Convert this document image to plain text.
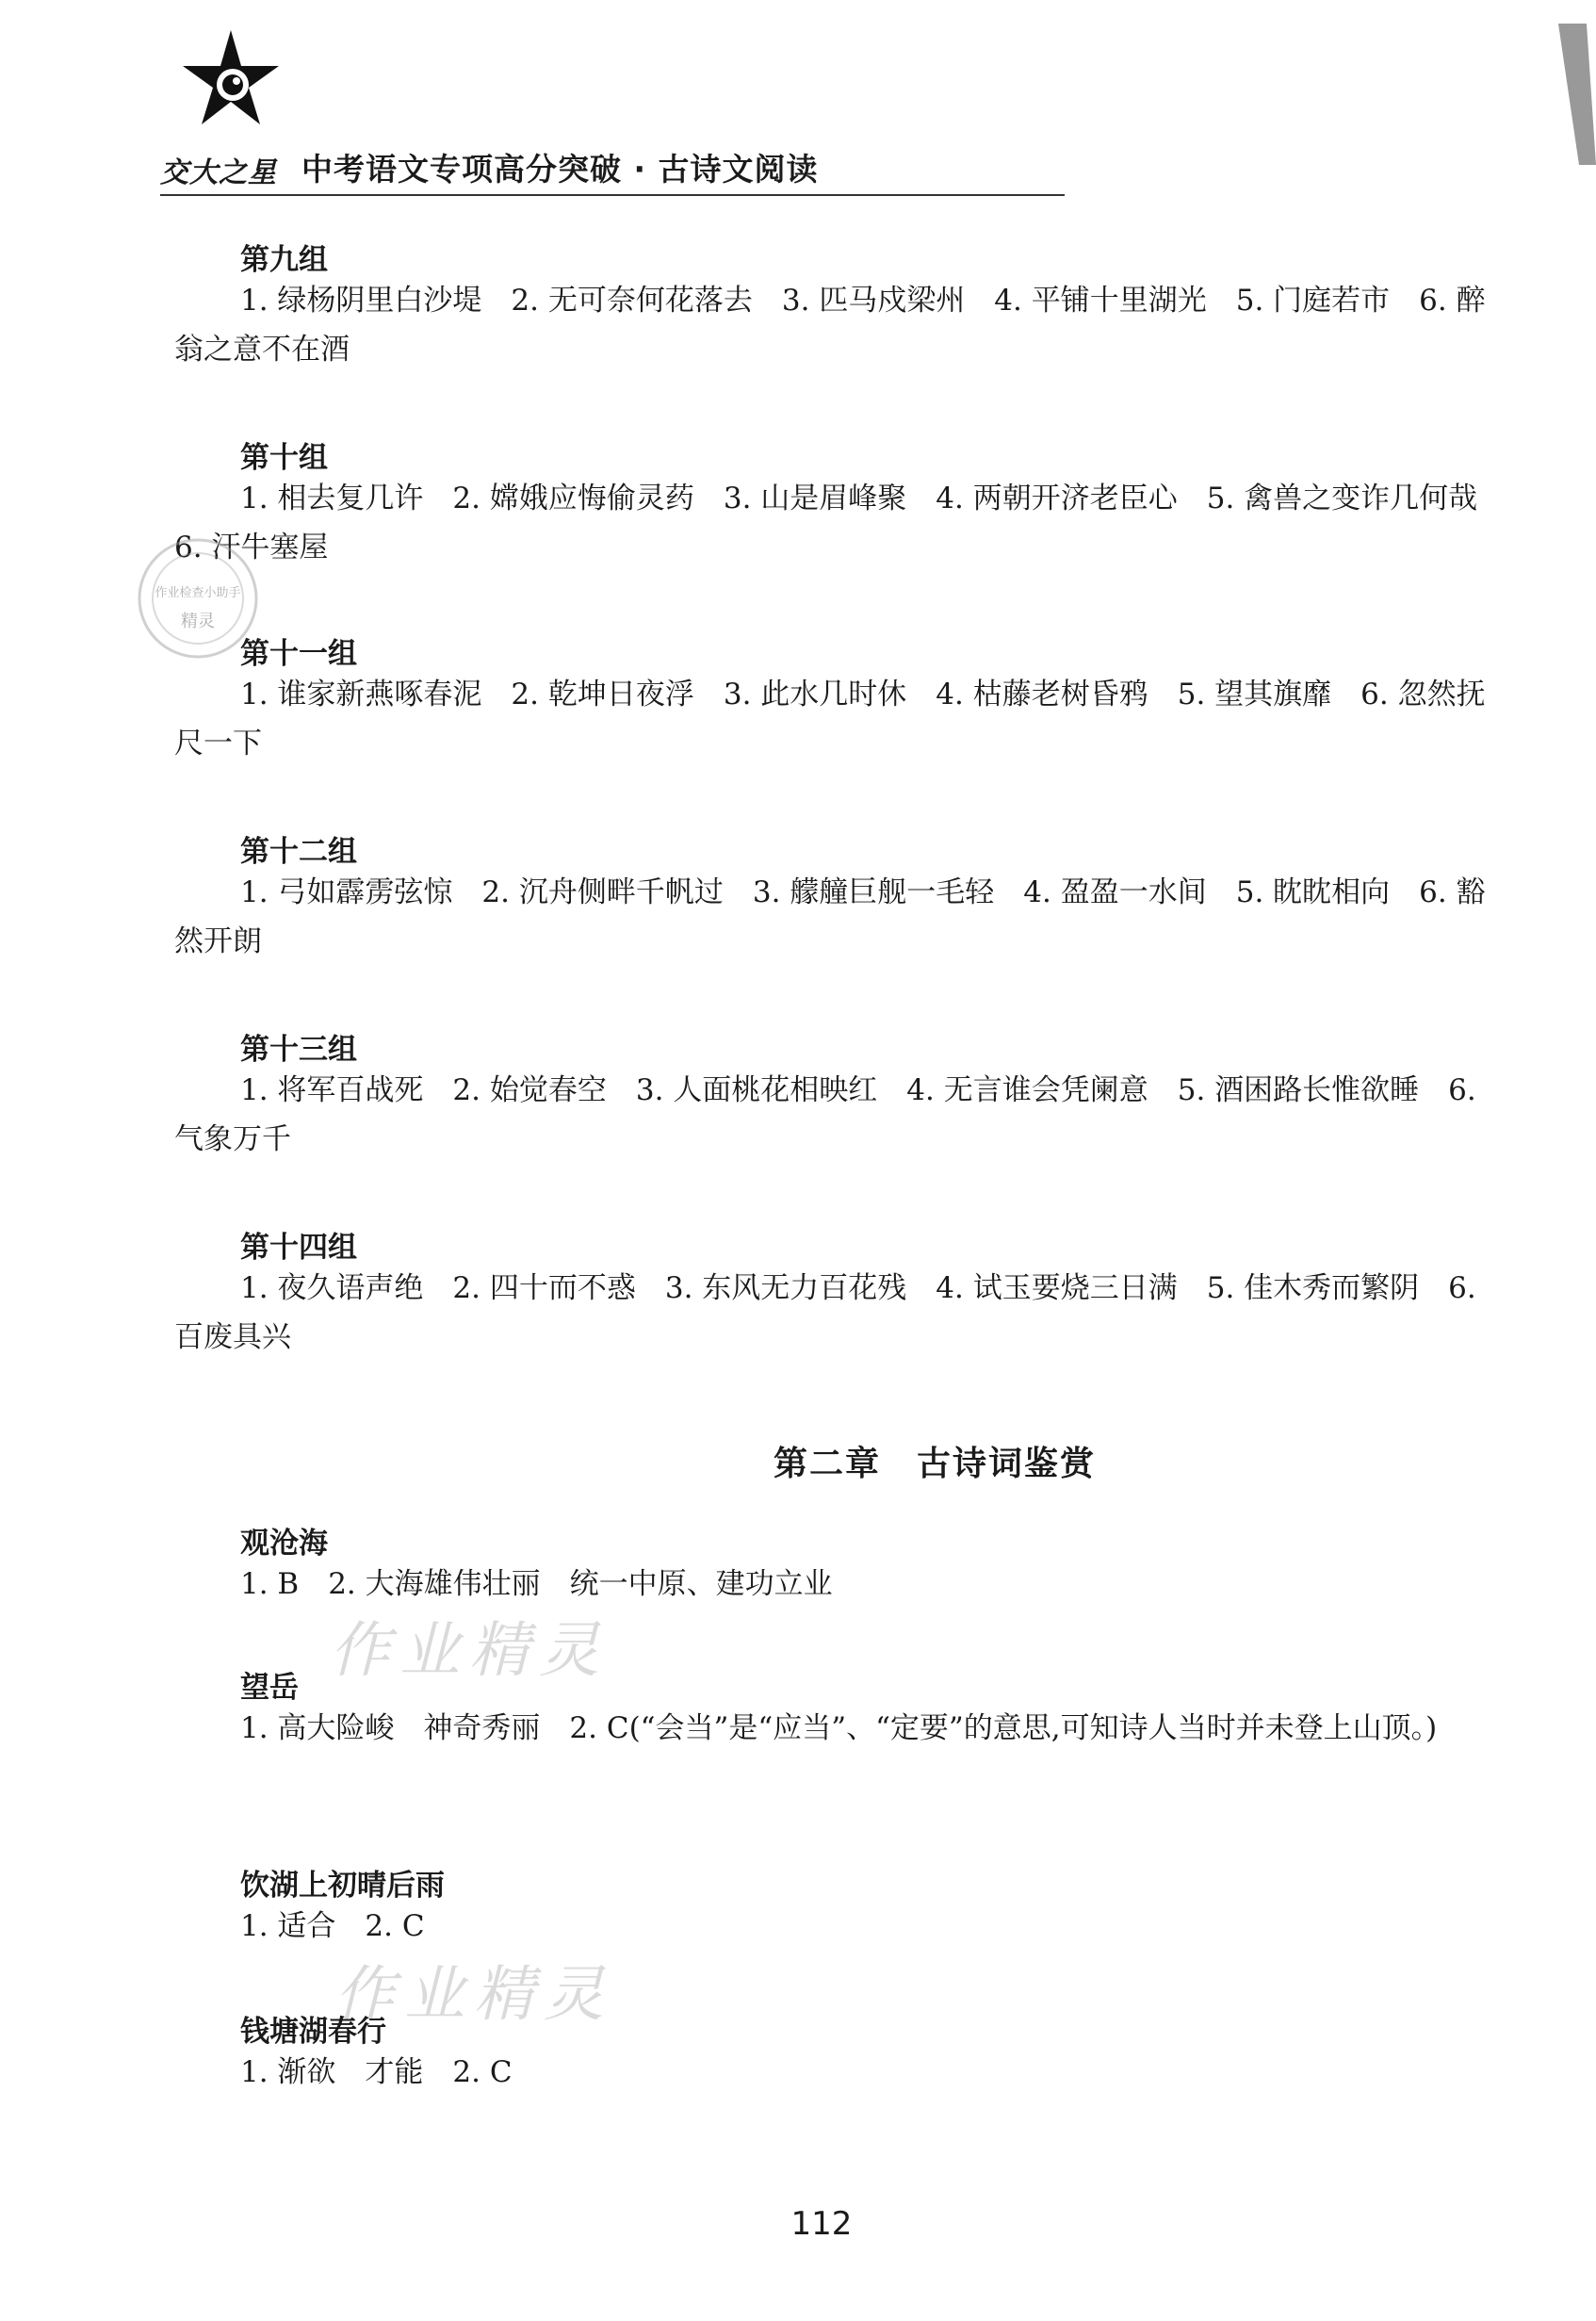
交大之星 中考语文专项高分突破 · 古诗文阅读
第九组
1. 绿杨阴里白沙堤　2. 无可奈何花落去　3. 匹马戍梁州　4. 平铺十里湖光　5. 门庭若市　6. 醉翁之意不在酒
第十组
1. 相去复几许　2. 嫦娥应悔偷灵药　3. 山是眉峰聚　4. 两朝开济老臣心　5. 禽兽之变诈几何哉　6. 汗牛塞屋
第十一组
1. 谁家新燕啄春泥　2. 乾坤日夜浮　3. 此水几时休　4. 枯藤老树昏鸦　5. 望其旗靡　6. 忽然抚尺一下
第十二组
1. 弓如霹雳弦惊　2. 沉舟侧畔千帆过　3. 艨艟巨舰一毛轻　4. 盈盈一水间　5. 眈眈相向　6. 豁然开朗
第十三组
1. 将军百战死　2. 始觉春空　3. 人面桃花相映红　4. 无言谁会凭阑意　5. 酒困路长惟欲睡　6. 气象万千
第十四组
1. 夜久语声绝　2. 四十而不惑　3. 东风无力百花残　4. 试玉要烧三日满　5. 佳木秀而繁阴　6. 百废具兴
第二章　古诗词鉴赏
观沧海
1. B　2. 大海雄伟壮丽　统一中原、建功立业
望岳
1. 高大险峻　神奇秀丽　2. C(“会当”是“应当”、“定要”的意思,可知诗人当时并未登上山顶。)
饮湖上初晴后雨
1. 适合　2. C
钱塘湖春行
1. 渐欲　才能　2. C
作业检查小助手
精灵
作业精灵
作业精灵
112
